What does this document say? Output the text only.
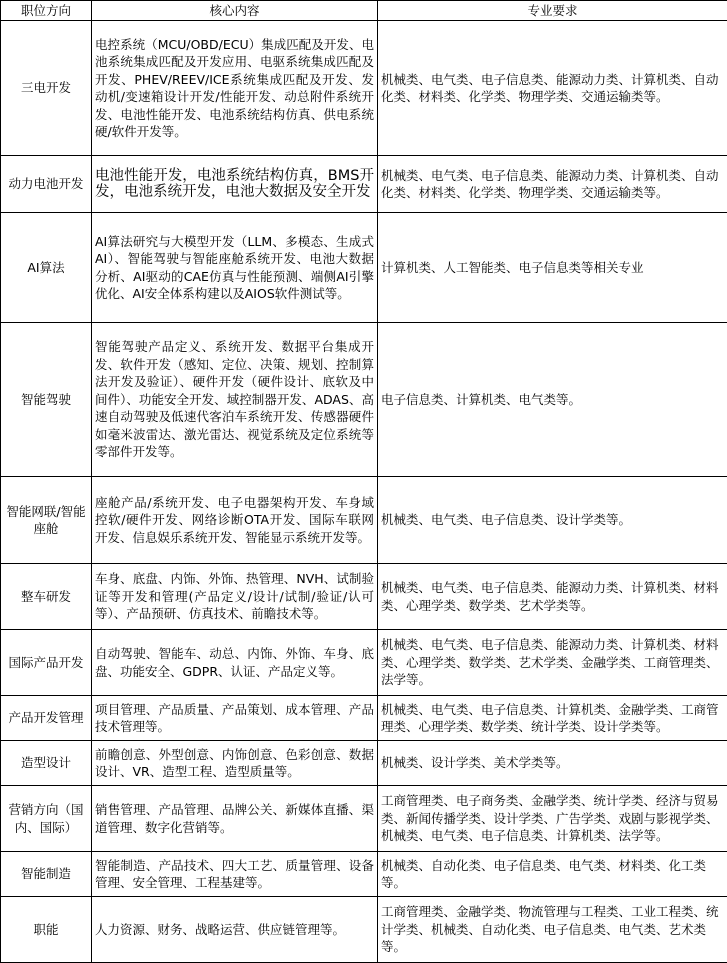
职位方向	核心内容	专业要求
三电开发	电控系统（MCU/OBD/ECU）集成匹配及开发、电池系统集成匹配及开发应用、电驱系统集成匹配及开发、PHEV/REEV/ICE系统集成匹配及开发、发动机/变速箱设计开发/性能开发、动总附件系统开发、电池性能开发、电池系统结构仿真、供电系统硬/软件开发等。	机械类、电气类、电子信息类、能源动力类、计算机类、自动化类、材料类、化学类、物理学类、交通运输类等。
动力电池开发	电池性能开发，电池系统结构仿真，BMS开发，电池系统开发，电池大数据及安全开发	机械类、电气类、电子信息类、能源动力类、计算机类、自动化类、材料类、化学类、物理学类、交通运输类等。
AI算法	AI算法研究与大模型开发（LLM、多模态、生成式AI）、智能驾驶与智能座舱系统开发、电池大数据分析、AI驱动的CAE仿真与性能预测、端侧AI引擎优化、AI安全体系构建以及AIOS软件测试等。	计算机类、人工智能类、电子信息类等相关专业
智能驾驶	智能驾驶产品定义、系统开发、数据平台集成开发、软件开发（感知、定位、决策、规划、控制算法开发及验证）、硬件开发（硬件设计、底软及中间件）、功能安全开发、域控制器开发、ADAS、高速自动驾驶及低速代客泊车系统开发、传感器硬件如毫米波雷达、激光雷达、视觉系统及定位系统等零部件开发等。	电子信息类、计算机类、电气类等。
智能网联/智能座舱	座舱产品/系统开发、电子电器架构开发、车身域控软/硬件开发、网络诊断OTA开发、国际车联网开发、信息娱乐系统开发、智能显示系统开发等。	机械类、电气类、电子信息类、设计学类等。
整车研发	车身、底盘、内饰、外饰、热管理、NVH、试制验证等开发和管理(产品定义/设计/试制/验证/认可等）、产品预研、仿真技术、前瞻技术等。	机械类、电气类、电子信息类、能源动力类、计算机类、材料类、心理学类、数学类、艺术学类等。
国际产品开发	自动驾驶、智能车、动总、内饰、外饰、车身、底盘、功能安全、GDPR、认证、产品定义等。	机械类、电气类、电子信息类、能源动力类、计算机类、材料类、心理学类、数学类、艺术学类、金融学类、工商管理类、法学等。
产品开发管理	项目管理、产品质量、产品策划、成本管理、产品技术管理等。	机械类、电气类、电子信息类、计算机类、金融学类、工商管理类、心理学类、数学类、统计学类、设计学类等。
造型设计	前瞻创意、外型创意、内饰创意、色彩创意、数据设计、VR、造型工程、造型质量等。	机械类、设计学类、美术学类等。
营销方向（国内、国际）	销售管理、产品管理、品牌公关、新媒体直播、渠道管理、数字化营销等。	工商管理类、电子商务类、金融学类、统计学类、经济与贸易类、新闻传播学类、设计学类、广告学类、戏剧与影视学类、机械类、电气类、电子信息类、计算机类、法学等。
智能制造	智能制造、产品技术、四大工艺、质量管理、设备管理、安全管理、工程基建等。	机械类、自动化类、电子信息类、电气类、材料类、化工类等。
职能	人力资源、财务、战略运营、供应链管理等。	工商管理类、金融学类、物流管理与工程类、工业工程类、统计学类、机械类、自动化类、电子信息类、电气类、艺术类等。
